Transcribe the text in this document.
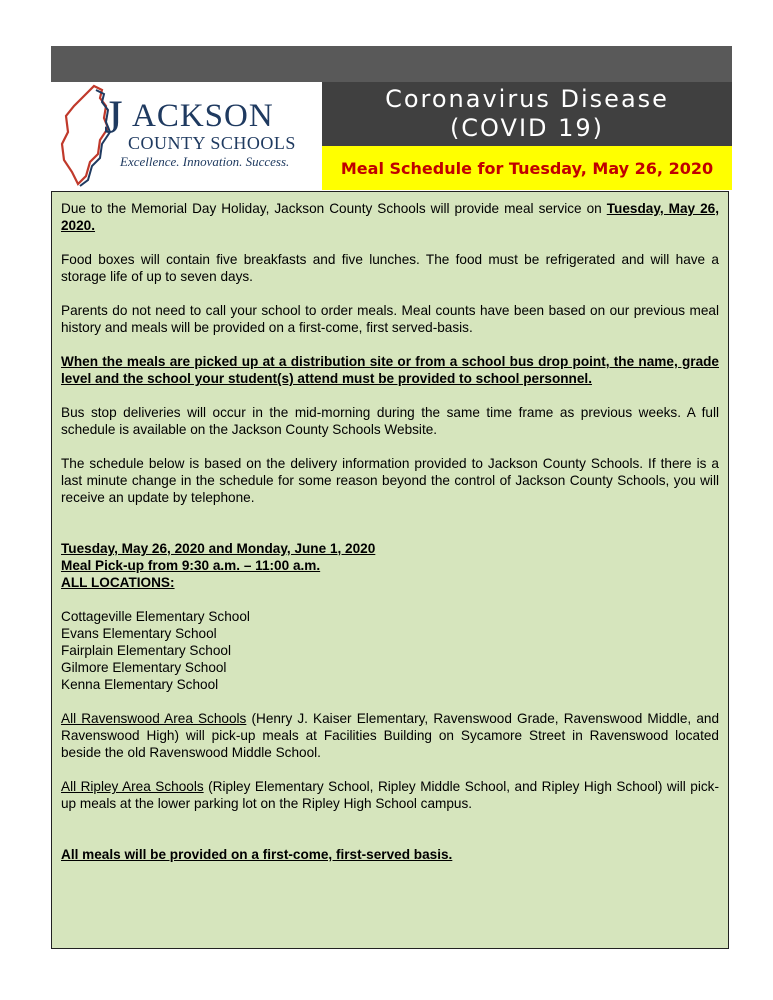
J ACKSON
COUNTY SCHOOLS
Excellence. Innovation. Success.
Coronavirus Disease
(COVID 19)
Meal Schedule for Tuesday, May 26, 2020

Due to the Memorial Day Holiday, Jackson County Schools will provide meal service on Tuesday, May 26, 2020.

Food boxes will contain five breakfasts and five lunches. The food must be refrigerated and will have a storage life of up to seven days.

Parents do not need to call your school to order meals. Meal counts have been based on our previous meal history and meals will be provided on a first-come, first served-basis.

When the meals are picked up at a distribution site or from a school bus drop point, the name, grade level and the school your student(s) attend must be provided to school personnel.

Bus stop deliveries will occur in the mid-morning during the same time frame as previous weeks. A full schedule is available on the Jackson County Schools Website.

The schedule below is based on the delivery information provided to Jackson County Schools. If there is a last minute change in the schedule for some reason beyond the control of Jackson County Schools, you will receive an update by telephone.

Tuesday, May 26, 2020 and Monday, June 1, 2020
Meal Pick-up from 9:30 a.m. – 11:00 a.m.
ALL LOCATIONS:
Cottageville Elementary School
Evans Elementary School
Fairplain Elementary School
Gilmore Elementary School
Kenna Elementary School

All Ravenswood Area Schools (Henry J. Kaiser Elementary, Ravenswood Grade, Ravenswood Middle, and Ravenswood High) will pick-up meals at Facilities Building on Sycamore Street in Ravenswood located beside the old Ravenswood Middle School.

All Ripley Area Schools (Ripley Elementary School, Ripley Middle School, and Ripley High School) will pick-up meals at the lower parking lot on the Ripley High School campus.

All meals will be provided on a first-come, first-served basis.
